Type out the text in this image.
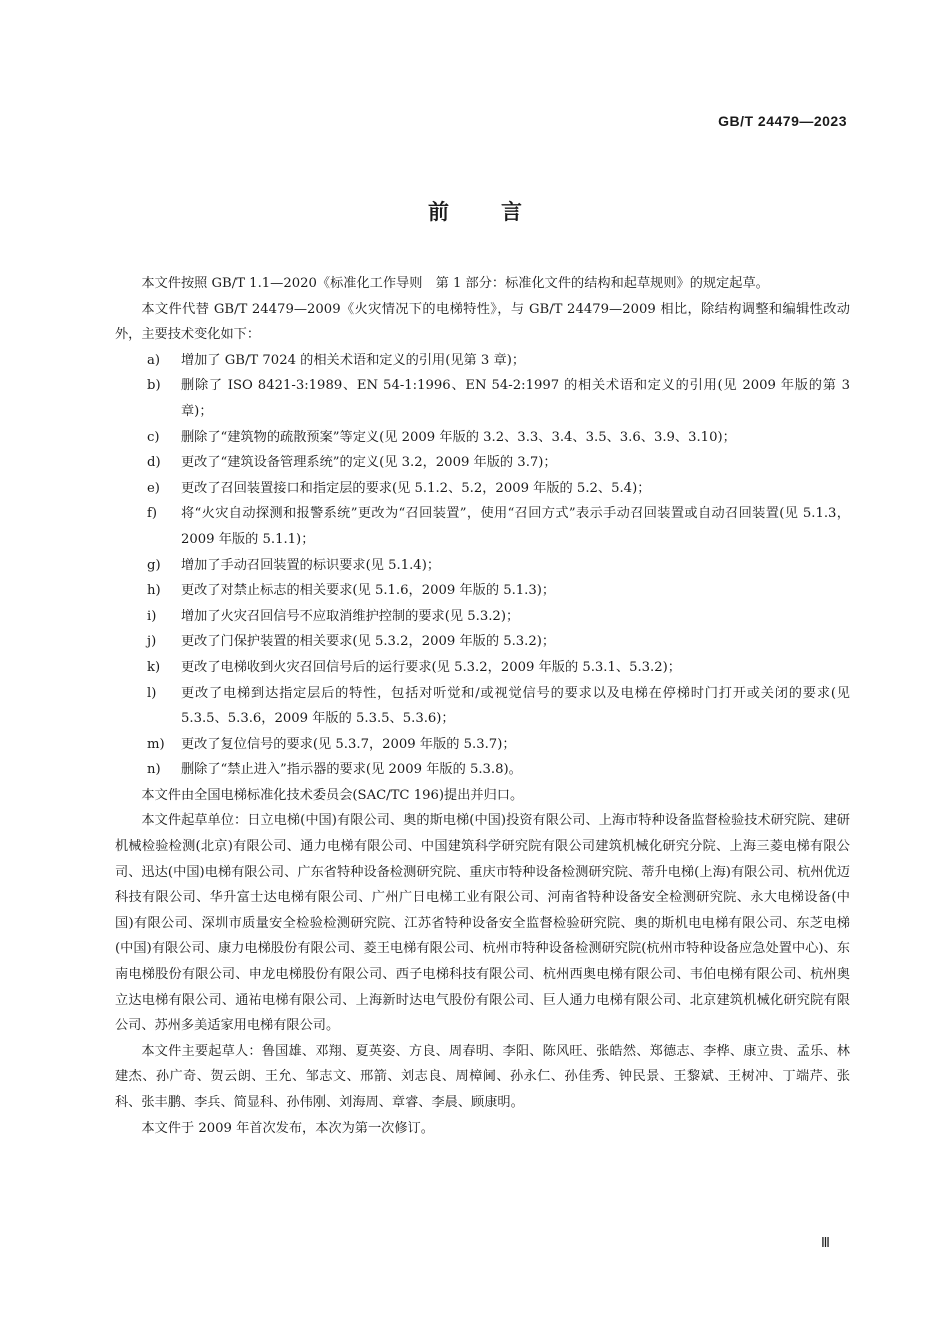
GB/T 24479—2023
前言

本文件按照 GB/T 1.1—2020《标准化工作导则　第 1 部分：标准化文件的结构和起草规则》的规定起草。

本文件代替 GB/T 24479—2009《火灾情况下的电梯特性》，与 GB/T 24479—2009 相比，除结构调整和编辑性改动外，主要技术变化如下：

a)	增加了 GB/T 7024 的相关术语和定义的引用(见第 3 章)；
b)	删除了 ISO 8421-3:1989、EN 54-1:1996、EN 54-2:1997 的相关术语和定义的引用(见 2009 年版的第 3 章)；
c)	删除了“建筑物的疏散预案”等定义(见 2009 年版的 3.2、3.3、3.4、3.5、3.6、3.9、3.10)；
d)	更改了“建筑设备管理系统”的定义(见 3.2，2009 年版的 3.7)；
e)	更改了召回装置接口和指定层的要求(见 5.1.2、5.2，2009 年版的 5.2、5.4)；
f)	将“火灾自动探测和报警系统”更改为“召回装置”，使用“召回方式”表示手动召回装置或自动召回装置(见 5.1.3，2009 年版的 5.1.1)；
g)	增加了手动召回装置的标识要求(见 5.1.4)；
h)	更改了对禁止标志的相关要求(见 5.1.6，2009 年版的 5.1.3)；
i)	增加了火灾召回信号不应取消维护控制的要求(见 5.3.2)；
j)	更改了门保护装置的相关要求(见 5.3.2，2009 年版的 5.3.2)；
k)	更改了电梯收到火灾召回信号后的运行要求(见 5.3.2，2009 年版的 5.3.1、5.3.2)；
l)	更改了电梯到达指定层后的特性，包括对听觉和/或视觉信号的要求以及电梯在停梯时门打开或关闭的要求(见 5.3.5、5.3.6，2009 年版的 5.3.5、5.3.6)；
m)	更改了复位信号的要求(见 5.3.7，2009 年版的 5.3.7)；
n)	删除了“禁止进入”指示器的要求(见 2009 年版的 5.3.8)。

本文件由全国电梯标准化技术委员会(SAC/TC 196)提出并归口。

本文件起草单位：日立电梯(中国)有限公司、奥的斯电梯(中国)投资有限公司、上海市特种设备监督检验技术研究院、建研机械检验检测(北京)有限公司、通力电梯有限公司、中国建筑科学研究院有限公司建筑机械化研究分院、上海三菱电梯有限公司、迅达(中国)电梯有限公司、广东省特种设备检测研究院、重庆市特种设备检测研究院、蒂升电梯(上海)有限公司、杭州优迈科技有限公司、华升富士达电梯有限公司、广州广日电梯工业有限公司、河南省特种设备安全检测研究院、永大电梯设备(中国)有限公司、深圳市质量安全检验检测研究院、江苏省特种设备安全监督检验研究院、奥的斯机电电梯有限公司、东芝电梯(中国)有限公司、康力电梯股份有限公司、菱王电梯有限公司、杭州市特种设备检测研究院(杭州市特种设备应急处置中心)、东南电梯股份有限公司、申龙电梯股份有限公司、西子电梯科技有限公司、杭州西奥电梯有限公司、韦伯电梯有限公司、杭州奥立达电梯有限公司、通祐电梯有限公司、上海新时达电气股份有限公司、巨人通力电梯有限公司、北京建筑机械化研究院有限公司、苏州多美适家用电梯有限公司。

本文件主要起草人：鲁国雄、邓翔、夏英姿、方良、周春明、李阳、陈风旺、张皓然、郑德志、李桦、康立贵、孟乐、林建杰、孙广奇、贺云朗、王允、邹志文、邢箭、刘志良、周樟阃、孙永仁、孙佳秀、钟民景、王黎斌、王树冲、丁端芹、张科、张丰鹏、李兵、简显科、孙伟刚、刘海周、章睿、李晨、顾康明。

本文件于 2009 年首次发布，本次为第一次修订。

Ⅲ
